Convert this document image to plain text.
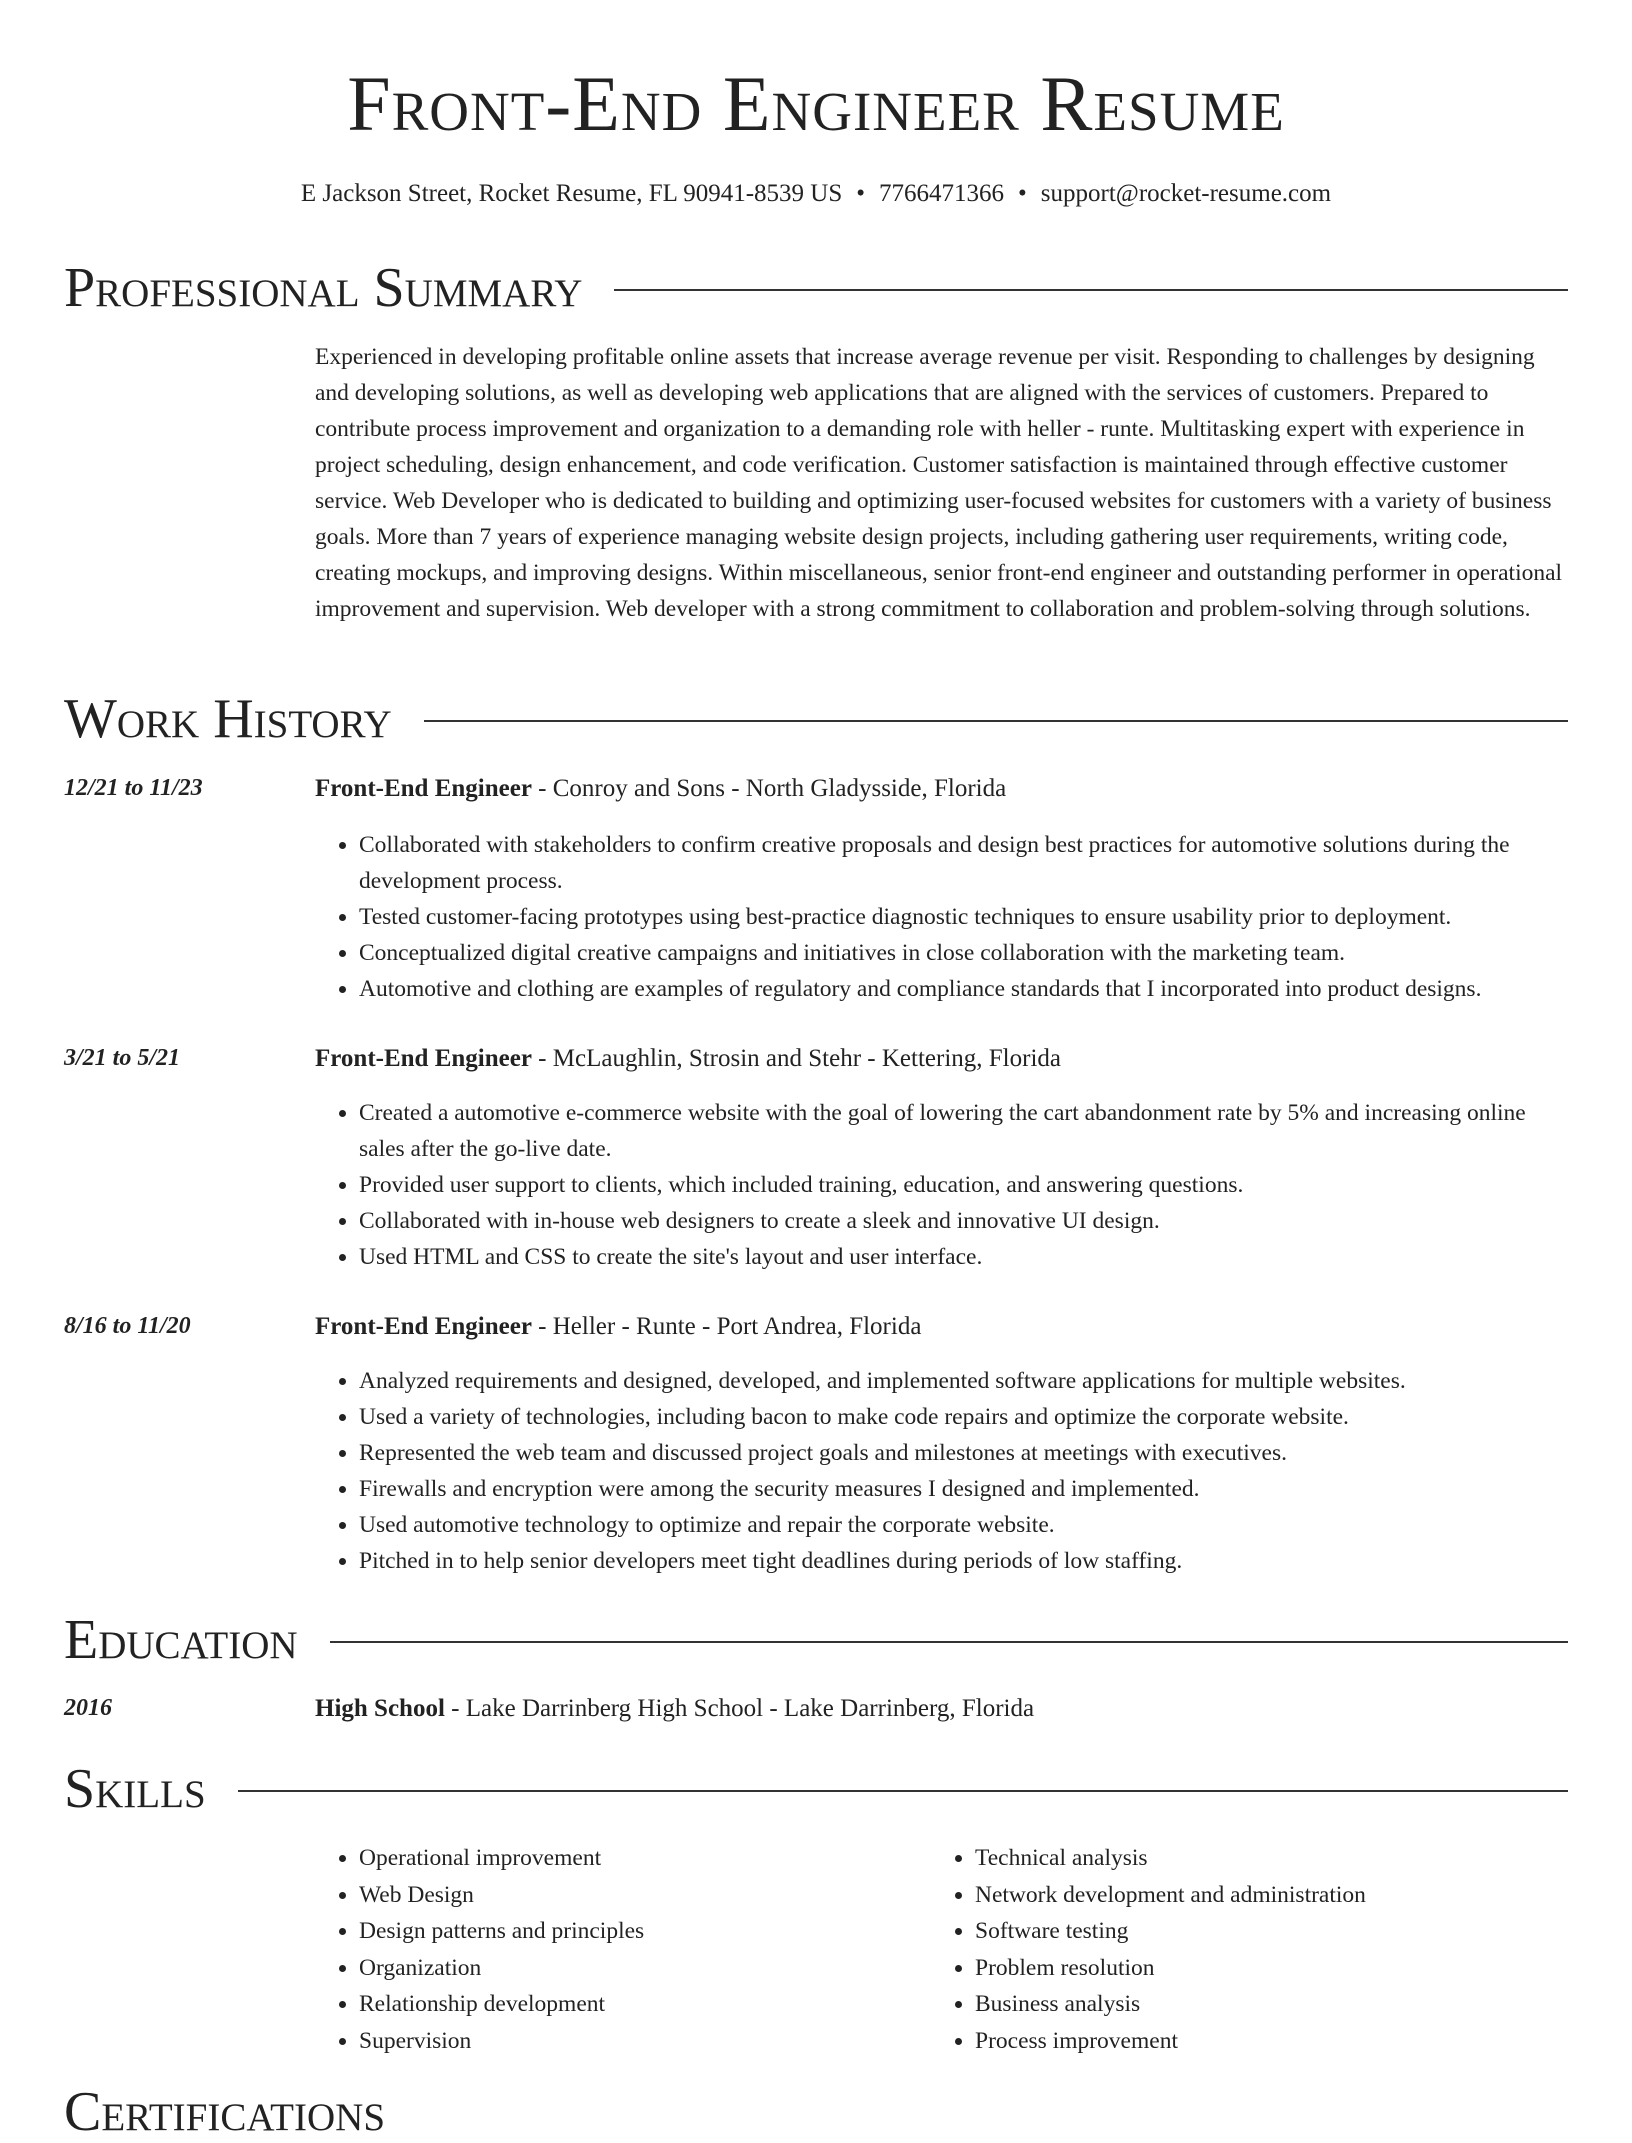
Front-End Engineer Resume
E Jackson Street, Rocket Resume, FL 90941-8539 US • 7766471366 • support@rocket-resume.com
Professional Summary

Experienced in developing profitable online assets that increase average revenue per visit. Responding to challenges by designing and developing solutions, as well as developing web applications that are aligned with the services of customers. Prepared to contribute process improvement and organization to a demanding role with heller - runte. Multitasking expert with experience in project scheduling, design enhancement, and code verification. Customer satisfaction is maintained through effective customer service. Web Developer who is dedicated to building and optimizing user-focused websites for customers with a variety of business goals. More than 7 years of experience managing website design projects, including gathering user requirements, writing code, creating mockups, and improving designs. Within miscellaneous, senior front-end engineer and outstanding performer in operational improvement and supervision. Web developer with a strong commitment to collaboration and problem-solving through solutions.

Work History
12/21 to 11/23	Front-End Engineer - Conroy and Sons - North Gladysside, Florida
• Collaborated with stakeholders to confirm creative proposals and design best practices for automotive solutions during the development process.
• Tested customer-facing prototypes using best-practice diagnostic techniques to ensure usability prior to deployment.
• Conceptualized digital creative campaigns and initiatives in close collaboration with the marketing team.
• Automotive and clothing are examples of regulatory and compliance standards that I incorporated into product designs.
3/21 to 5/21	Front-End Engineer - McLaughlin, Strosin and Stehr - Kettering, Florida
• Created a automotive e-commerce website with the goal of lowering the cart abandonment rate by 5% and increasing online sales after the go-live date.
• Provided user support to clients, which included training, education, and answering questions.
• Collaborated with in-house web designers to create a sleek and innovative UI design.
• Used HTML and CSS to create the site's layout and user interface.
8/16 to 11/20	Front-End Engineer - Heller - Runte - Port Andrea, Florida
• Analyzed requirements and designed, developed, and implemented software applications for multiple websites.
• Used a variety of technologies, including bacon to make code repairs and optimize the corporate website.
• Represented the web team and discussed project goals and milestones at meetings with executives.
• Firewalls and encryption were among the security measures I designed and implemented.
• Used automotive technology to optimize and repair the corporate website.
• Pitched in to help senior developers meet tight deadlines during periods of low staffing.
Education
2016	High School - Lake Darrinberg High School - Lake Darrinberg, Florida
Skills
• Operational improvement
• Web Design
• Design patterns and principles
• Organization
• Relationship development
• Supervision
• Technical analysis
• Network development and administration
• Software testing
• Problem resolution
• Business analysis
• Process improvement
Certifications
